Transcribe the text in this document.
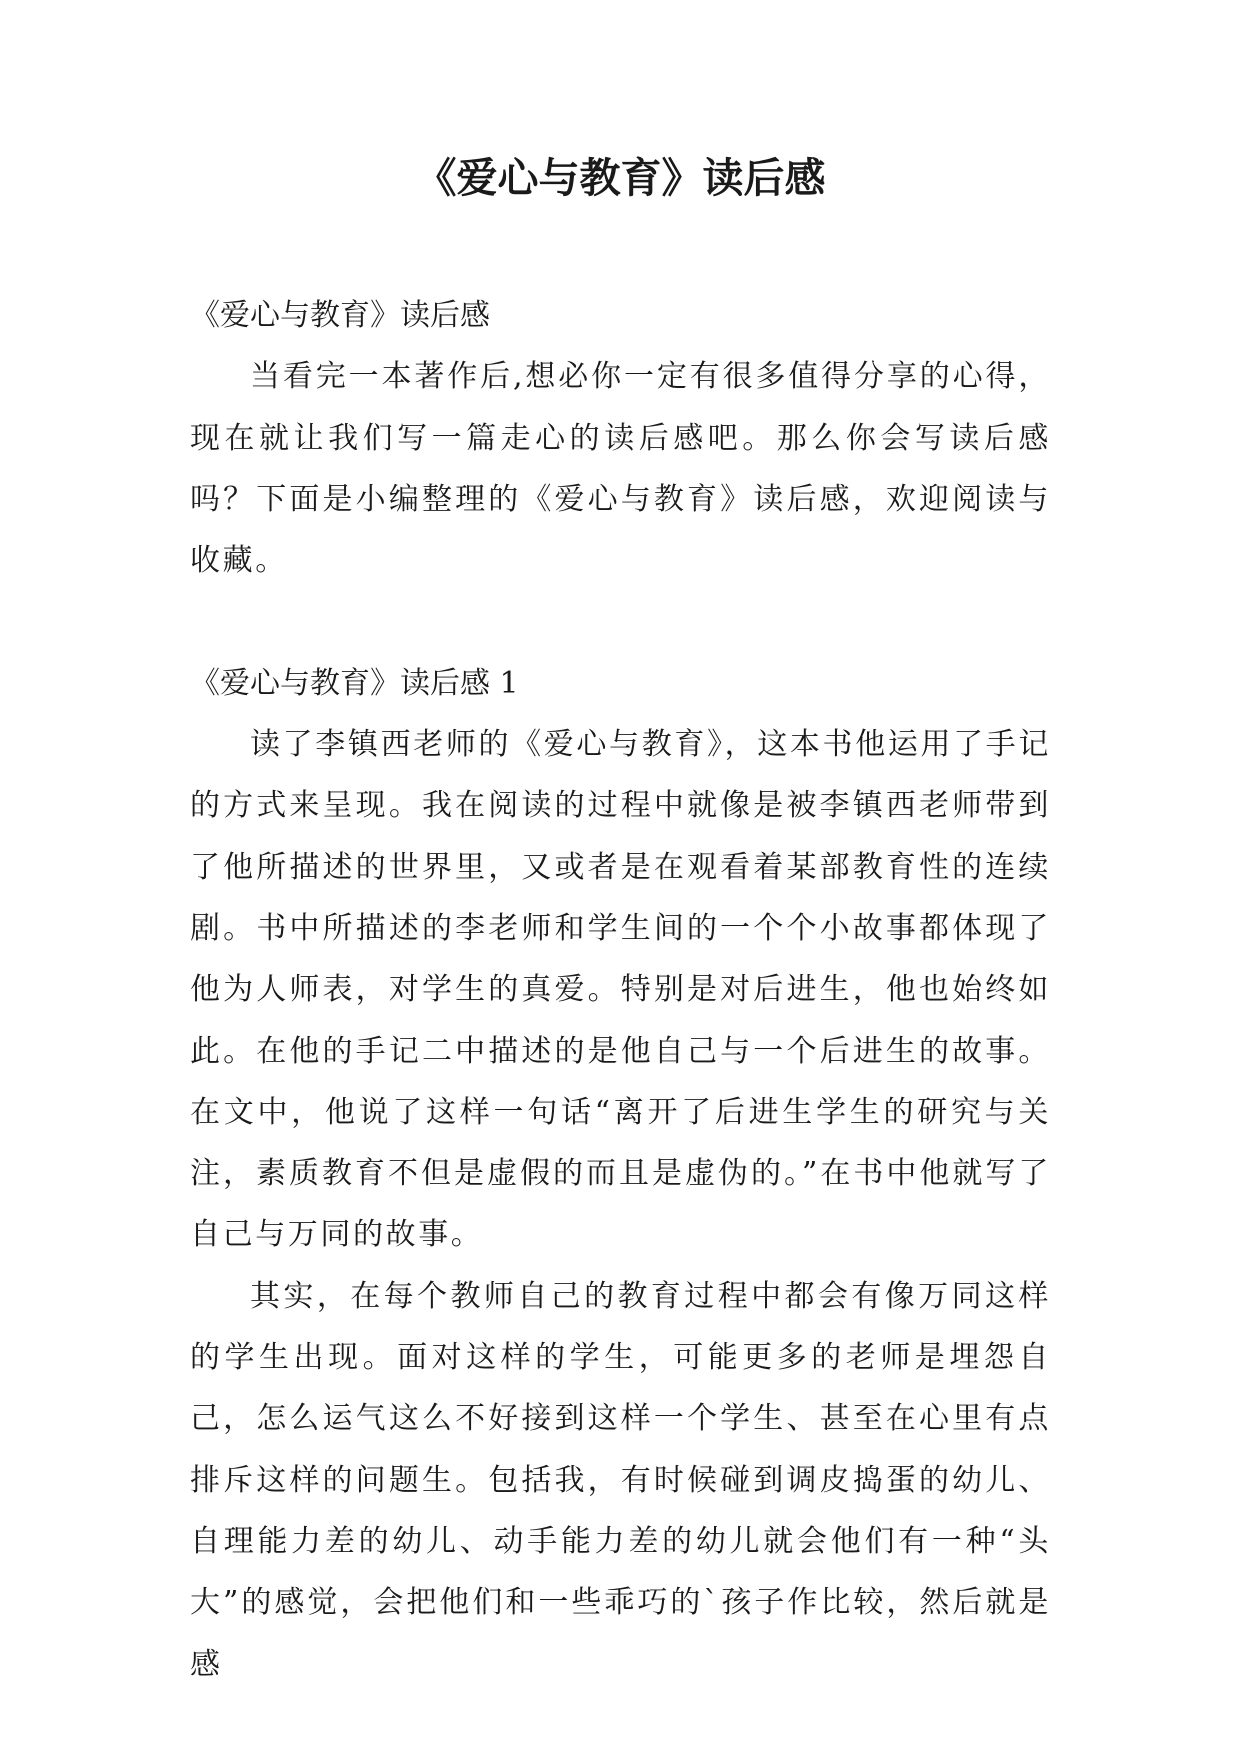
《爱心与教育》读后感

《爱心与教育》读后感

当看完一本著作后,想必你一定有很多值得分享的心得，现在就让我们写一篇走心的读后感吧。那么你会写读后感吗？下面是小编整理的《爱心与教育》读后感，欢迎阅读与收藏。

《爱心与教育》读后感 1

读了李镇西老师的《爱心与教育》，这本书他运用了手记的方式来呈现。我在阅读的过程中就像是被李镇西老师带到了他所描述的世界里，又或者是在观看着某部教育性的连续剧。书中所描述的李老师和学生间的一个个小故事都体现了他为人师表，对学生的真爱。特别是对后进生，他也始终如此。在他的手记二中描述的是他自己与一个后进生的故事。在文中，他说了这样一句话“离开了后进生学生的研究与关注，素质教育不但是虚假的而且是虚伪的。”在书中他就写了自己与万同的故事。

其实，在每个教师自己的教育过程中都会有像万同这样的学生出现。面对这样的学生，可能更多的老师是埋怨自己，怎么运气这么不好接到这样一个学生、甚至在心里有点排斥这样的问题生。包括我，有时候碰到调皮捣蛋的幼儿、自理能力差的幼儿、动手能力差的幼儿就会他们有一种“头大”的感觉，会把他们和一些乖巧的`孩子作比较，然后就是感
